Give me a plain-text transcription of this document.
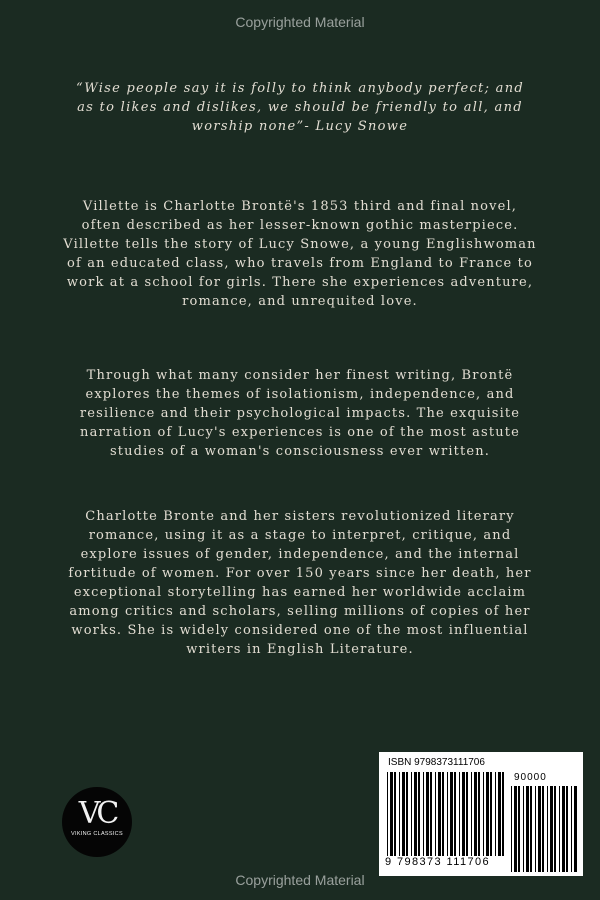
Copyrighted Material
“Wise people say it is folly to think anybody perfect; and as to likes and dislikes, we should be friendly to all, and worship none”- Lucy Snowe
Villette is Charlotte Brontë's 1853 third and final novel, often described as her lesser-known gothic masterpiece. Villette tells the story of Lucy Snowe, a young Englishwoman of an educated class, who travels from England to France to work at a school for girls. There she experiences adventure, romance, and unrequited love.
Through what many consider her finest writing, Brontë explores the themes of isolationism, independence, and resilience and their psychological impacts. The exquisite narration of Lucy's experiences is one of the most astute studies of a woman's consciousness ever written.
Charlotte Bronte and her sisters revolutionized literary romance, using it as a stage to interpret, critique, and explore issues of gender, independence, and the internal fortitude of women. For over 150 years since her death, her exceptional storytelling has earned her worldwide acclaim among critics and scholars, selling millions of copies of her works. She is widely considered one of the most influential writers in English Literature.
VC
VIKING CLASSICS
ISBN 9798373111706
90000
9 798373 111706
Copyrighted Material
